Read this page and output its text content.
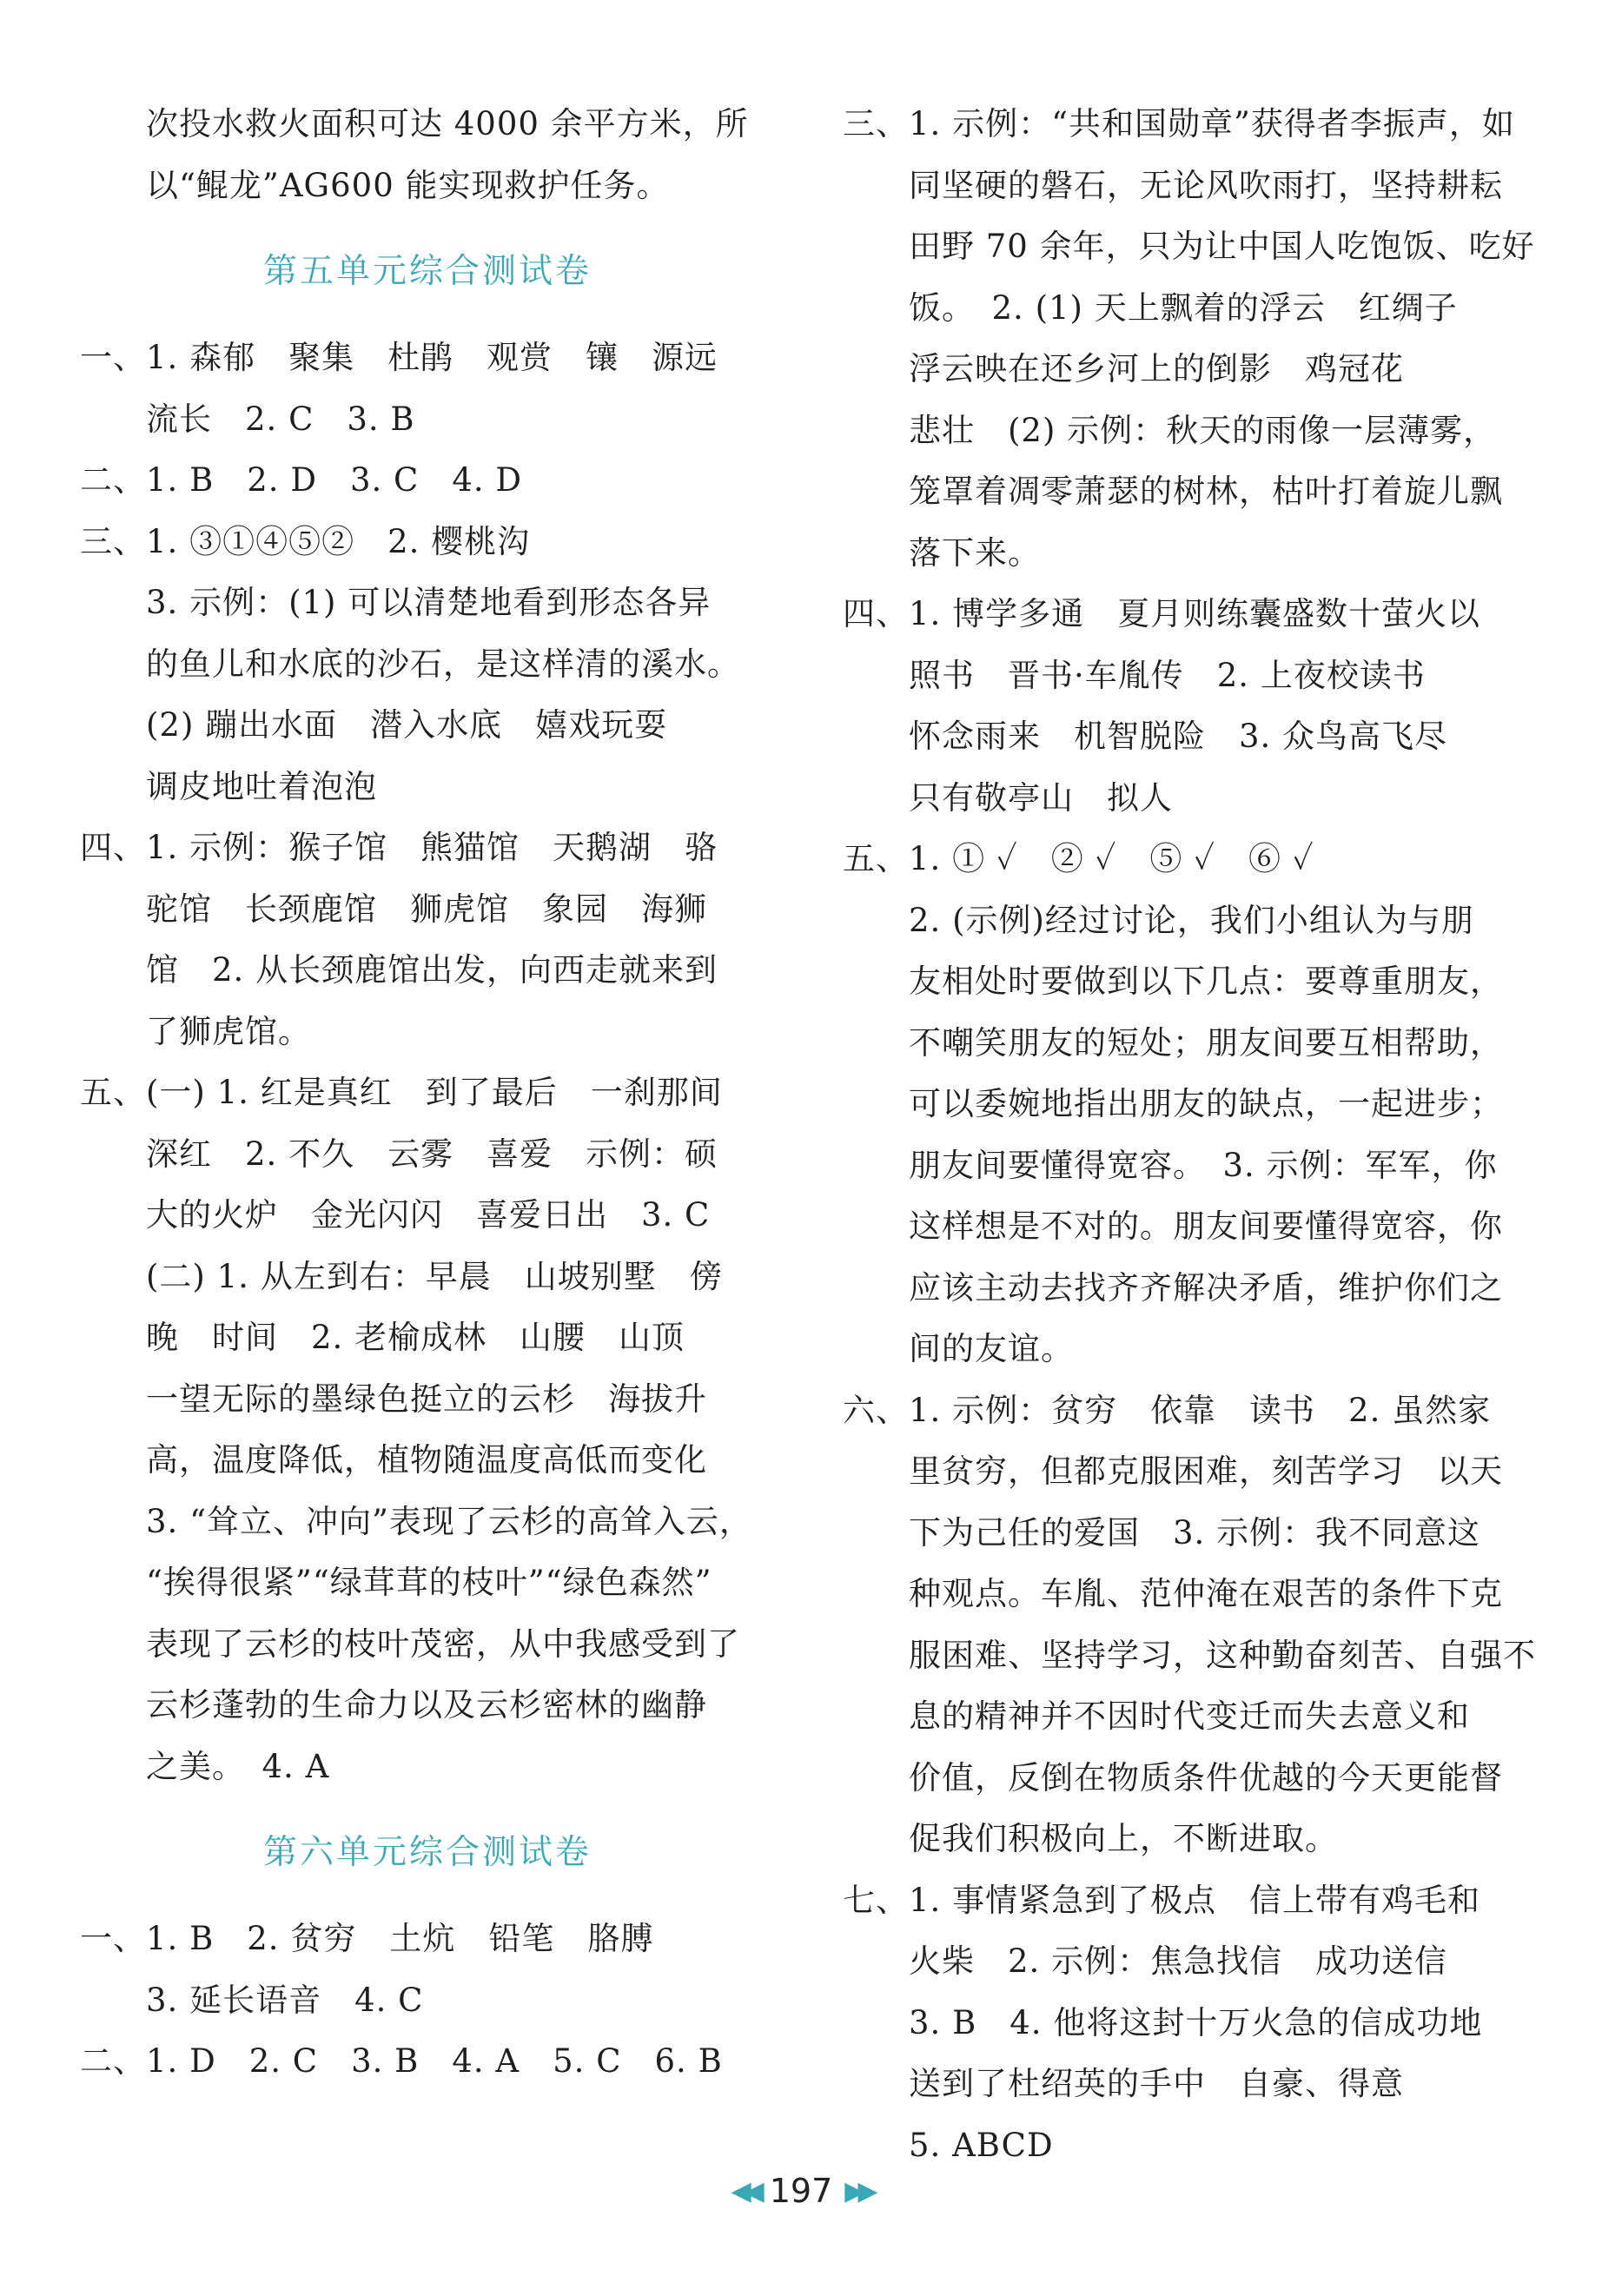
次投水救火面积可达 4000 余平方米，所
以“鲲龙”AG600 能实现救护任务。
第五单元综合测试卷
一、1. 森郁　聚集　杜鹃　观赏　镶　源远
流长　2. C　3. B
二、1. B　2. D　3. C　4. D
三、1. ③①④⑤②　2. 樱桃沟
3. 示例：(1) 可以清楚地看到形态各异
的鱼儿和水底的沙石，是这样清的溪水。
(2) 蹦出水面　潜入水底　嬉戏玩耍
调皮地吐着泡泡
四、1. 示例：猴子馆　熊猫馆　天鹅湖　骆
驼馆　长颈鹿馆　狮虎馆　象园　海狮
馆　2. 从长颈鹿馆出发，向西走就来到
了狮虎馆。
五、(一) 1. 红是真红　到了最后　一刹那间
深红　2. 不久　云雾　喜爱　示例：硕
大的火炉　金光闪闪　喜爱日出　3. C
(二) 1. 从左到右：早晨　山坡别墅　傍
晚　时间　2. 老榆成林　山腰　山顶
一望无际的墨绿色挺立的云杉　海拔升
高，温度降低，植物随温度高低而变化
3. “耸立、冲向”表现了云杉的高耸入云，
“挨得很紧”“绿茸茸的枝叶”“绿色森然”
表现了云杉的枝叶茂密，从中我感受到了
云杉蓬勃的生命力以及云杉密林的幽静
之美。　4. A
第六单元综合测试卷
一、1. B　2. 贫穷　土炕　铅笔　胳膊
3. 延长语音　4. C
二、1. D　2. C　3. B　4. A　5. C　6. B
三、1. 示例：“共和国勋章”获得者李振声，如
同坚硬的磐石，无论风吹雨打，坚持耕耘
田野 70 余年，只为让中国人吃饱饭、吃好
饭。　2. (1) 天上飘着的浮云　红绸子
浮云映在还乡河上的倒影　鸡冠花
悲壮　(2) 示例：秋天的雨像一层薄雾，
笼罩着凋零萧瑟的树林，枯叶打着旋儿飘
落下来。
四、1. 博学多通　夏月则练囊盛数十萤火以
照书　晋书·车胤传　2. 上夜校读书
怀念雨来　机智脱险　3. 众鸟高飞尽
只有敬亭山　拟人
五、1. ① ✓　② ✓　⑤ ✓　⑥ ✓
2. (示例)经过讨论，我们小组认为与朋
友相处时要做到以下几点：要尊重朋友，
不嘲笑朋友的短处；朋友间要互相帮助，
可以委婉地指出朋友的缺点，一起进步；
朋友间要懂得宽容。　3. 示例：军军，你
这样想是不对的。朋友间要懂得宽容，你
应该主动去找齐齐解决矛盾，维护你们之
间的友谊。
六、1. 示例：贫穷　依靠　读书　2. 虽然家
里贫穷，但都克服困难，刻苦学习　以天
下为己任的爱国　3. 示例：我不同意这
种观点。车胤、范仲淹在艰苦的条件下克
服困难、坚持学习，这种勤奋刻苦、自强不
息的精神并不因时代变迁而失去意义和
价值，反倒在物质条件优越的今天更能督
促我们积极向上，不断进取。
七、1. 事情紧急到了极点　信上带有鸡毛和
火柴　2. 示例：焦急找信　成功送信
3. B　4. 他将这封十万火急的信成功地
送到了杜绍英的手中　自豪、得意
5. ABCD
◀◀ 197 ▶▶
